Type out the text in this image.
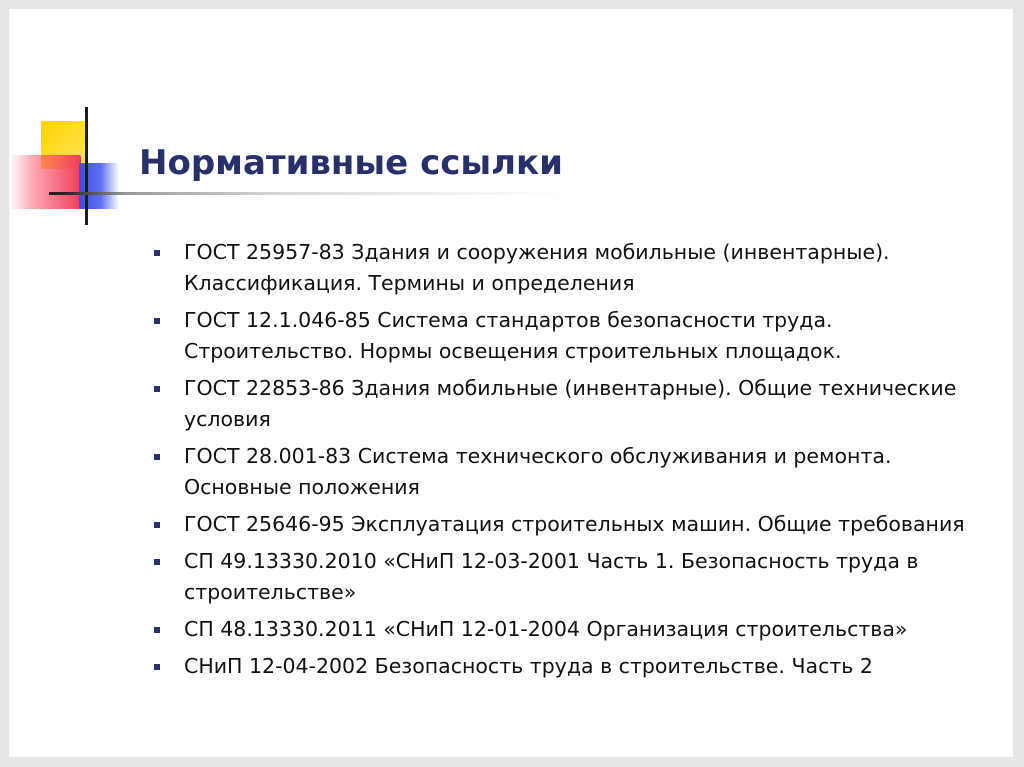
Нормативные ссылки
ГОСТ 25957-83 Здания и сооружения мобильные (инвентарные). Классификация. Термины и определения
ГОСТ 12.1.046-85 Система стандартов безопасности труда. Строительство. Нормы освещения строительных площадок.
ГОСТ 22853-86 Здания мобильные (инвентарные). Общие технические условия
ГОСТ 28.001-83 Система технического обслуживания и ремонта. Основные положения
ГОСТ 25646-95 Эксплуатация строительных машин. Общие требования
СП 49.13330.2010 «СНиП 12-03-2001 Часть 1. Безопасность труда в строительстве»
СП 48.13330.2011 «СНиП 12-01-2004 Организация строительства»
СНиП 12-04-2002 Безопасность труда в строительстве. Часть 2
